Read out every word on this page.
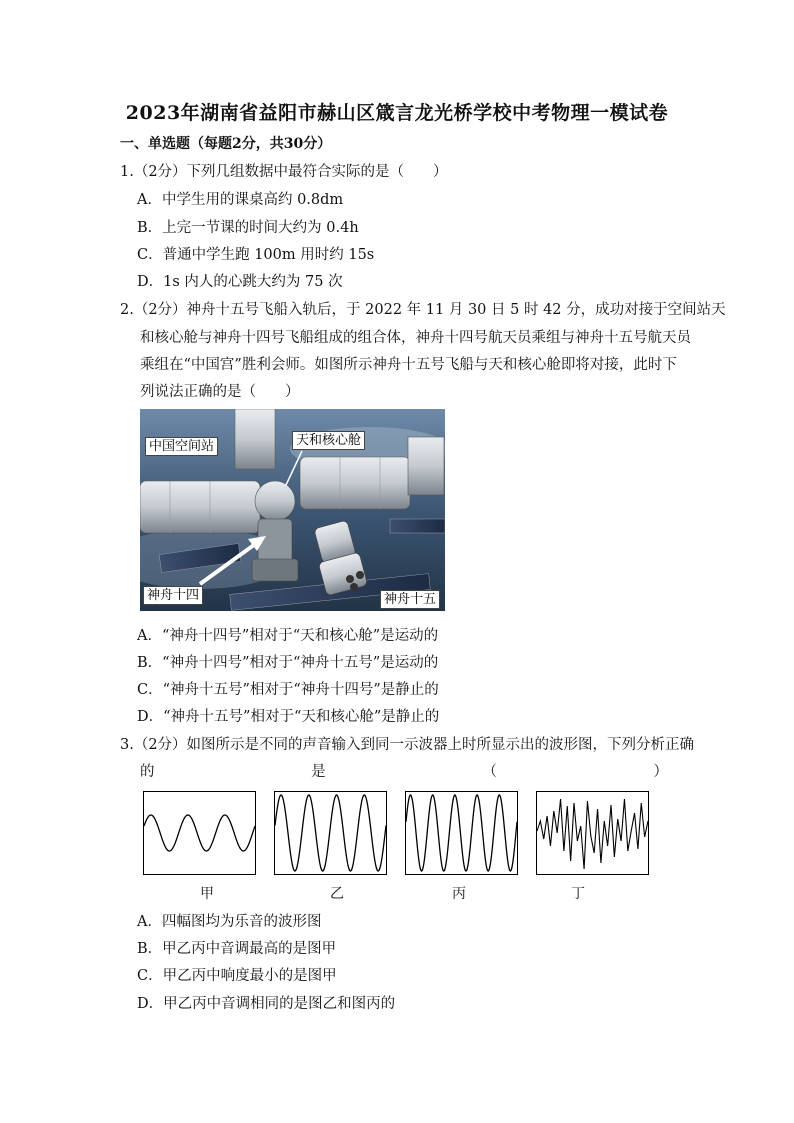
2023年湖南省益阳市赫山区箴言龙光桥学校中考物理一模试卷
一、单选题（每题2分，共30分）
1.（2分）下列几组数据中最符合实际的是（　　）
A．中学生用的课桌高约 0.8dm
B．上完一节课的时间大约为 0.4h
C．普通中学生跑 100m 用时约 15s
D．1s 内人的心跳大约为 75 次
2.（2分）神舟十五号飞船入轨后，于 2022 年 11 月 30 日 5 时 42 分，成功对接于空间站天
和核心舱与神舟十四号飞船组成的组合体，神舟十四号航天员乘组与神舟十五号航天员
乘组在“中国宫”胜利会师。如图所示神舟十五号飞船与天和核心舱即将对接，此时下
列说法正确的是（　　）
中国空间站	天和核心舱
神舟十四	神舟十五
A．“神舟十四号”相对于“天和核心舱”是运动的
B．“神舟十四号”相对于“神舟十五号”是运动的
C．“神舟十五号”相对于“神舟十四号”是静止的
D．“神舟十五号”相对于“天和核心舱”是静止的
3.（2分）如图所示是不同的声音输入到同一示波器上时所显示出的波形图，下列分析正确
的	是	（	）
甲	乙	丙	丁
A．四幅图均为乐音的波形图
B．甲乙丙中音调最高的是图甲
C．甲乙丙中响度最小的是图甲
D．甲乙丙中音调相同的是图乙和图丙的
